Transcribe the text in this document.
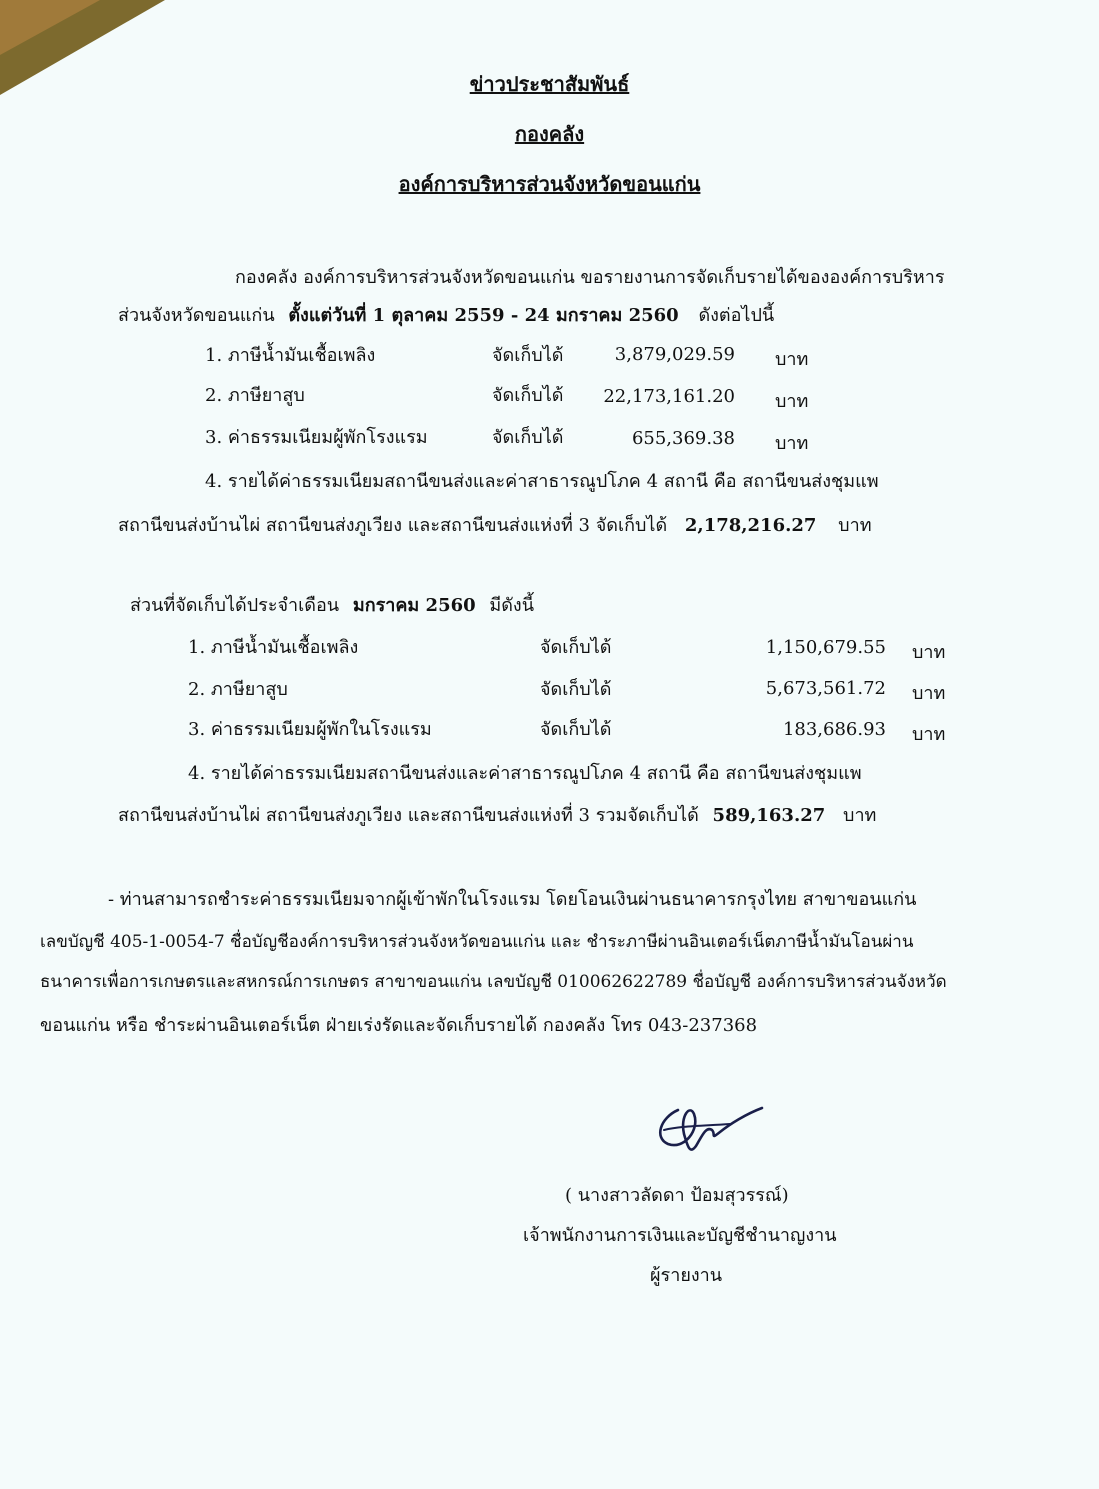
ข่าวประชาสัมพันธ์
กองคลัง
องค์การบริหารส่วนจังหวัดขอนแก่น
กองคลัง องค์การบริหารส่วนจังหวัดขอนแก่น ขอรายงานการจัดเก็บรายได้ขององค์การบริหาร
ส่วนจังหวัดขอนแก่น ตั้งแต่วันที่ 1 ตุลาคม 2559 - 24 มกราคม 2560 ดังต่อไปนี้
1. ภาษีน้ำมันเชื้อเพลิง	จัดเก็บได้	3,879,029.59 บาท
2. ภาษียาสูบ	จัดเก็บได้	22,173,161.20 บาท
3. ค่าธรรมเนียมผู้พักโรงแรม	จัดเก็บได้	655,369.38 บาท
4. รายได้ค่าธรรมเนียมสถานีขนส่งและค่าสาธารณูปโภค 4 สถานี คือ สถานีขนส่งชุมแพ
สถานีขนส่งบ้านไผ่ สถานีขนส่งภูเวียง และสถานีขนส่งแห่งที่ 3 จัดเก็บได้ 2,178,216.27 บาท
ส่วนที่จัดเก็บได้ประจำเดือน มกราคม 2560 มีดังนี้
1. ภาษีน้ำมันเชื้อเพลิง	จัดเก็บได้	1,150,679.55 บาท
2. ภาษียาสูบ	จัดเก็บได้	5,673,561.72 บาท
3. ค่าธรรมเนียมผู้พักในโรงแรม	จัดเก็บได้	183,686.93 บาท
4. รายได้ค่าธรรมเนียมสถานีขนส่งและค่าสาธารณูปโภค 4 สถานี คือ สถานีขนส่งชุมแพ
สถานีขนส่งบ้านไผ่ สถานีขนส่งภูเวียง และสถานีขนส่งแห่งที่ 3 รวมจัดเก็บได้ 589,163.27 บาท
- ท่านสามารถชำระค่าธรรมเนียมจากผู้เข้าพักในโรงแรม โดยโอนเงินผ่านธนาคารกรุงไทย สาขาขอนแก่น
เลขบัญชี 405-1-0054-7 ชื่อบัญชีองค์การบริหารส่วนจังหวัดขอนแก่น และ ชำระภาษีผ่านอินเตอร์เน็ตภาษีน้ำมันโอนผ่าน
ธนาคารเพื่อการเกษตรและสหกรณ์การเกษตร สาขาขอนแก่น เลขบัญชี 010062622789 ชื่อบัญชี องค์การบริหารส่วนจังหวัด
ขอนแก่น หรือ ชำระผ่านอินเตอร์เน็ต ฝ่ายเร่งรัดและจัดเก็บรายได้ กองคลัง โทร 043-237368
( นางสาวลัดดา ป้อมสุวรรณ์)
เจ้าพนักงานการเงินและบัญชีชำนาญงาน
ผู้รายงาน
